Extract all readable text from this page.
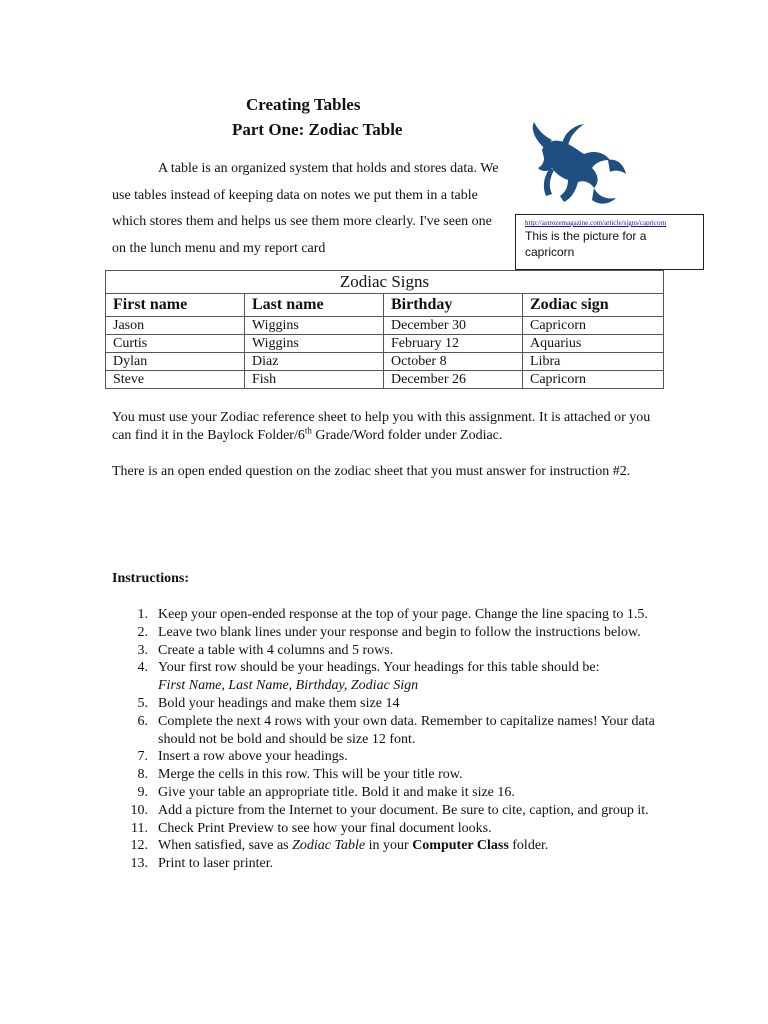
Creating Tables
Part One: Zodiac Table
A table is an organized system that holds and stores data. We use tables instead of keeping data on notes we put them in a table which stores them and helps us see them more clearly. I've seen one on the lunch menu and my report card
http://astrozemagazine.com/article/signs/capricorn
This is the picture for a capricorn
Zodiac Signs			
First name	Last name	Birthday	Zodiac sign
Jason	Wiggins	December 30	Capricorn
Curtis	Wiggins	February 12	Aquarius
Dylan	Diaz	October 8	Libra
Steve	Fish	December 26	Capricorn
You must use your Zodiac reference sheet to help you with this assignment. It is attached or you can find it in the Baylock Folder/6th Grade/Word folder under Zodiac.
There is an open ended question on the zodiac sheet that you must answer for instruction #2.
Instructions:
1. Keep your open-ended response at the top of your page. Change the line spacing to 1.5.
2. Leave two blank lines under your response and begin to follow the instructions below.
3. Create a table with 4 columns and 5 rows.
4. Your first row should be your headings. Your headings for this table should be:
First Name, Last Name, Birthday, Zodiac Sign
5. Bold your headings and make them size 14
6. Complete the next 4 rows with your own data. Remember to capitalize names! Your data should not be bold and should be size 12 font.
7. Insert a row above your headings.
8. Merge the cells in this row. This will be your title row.
9. Give your table an appropriate title. Bold it and make it size 16.
10. Add a picture from the Internet to your document. Be sure to cite, caption, and group it.
11. Check Print Preview to see how your final document looks.
12. When satisfied, save as Zodiac Table in your Computer Class folder.
13. Print to laser printer.
